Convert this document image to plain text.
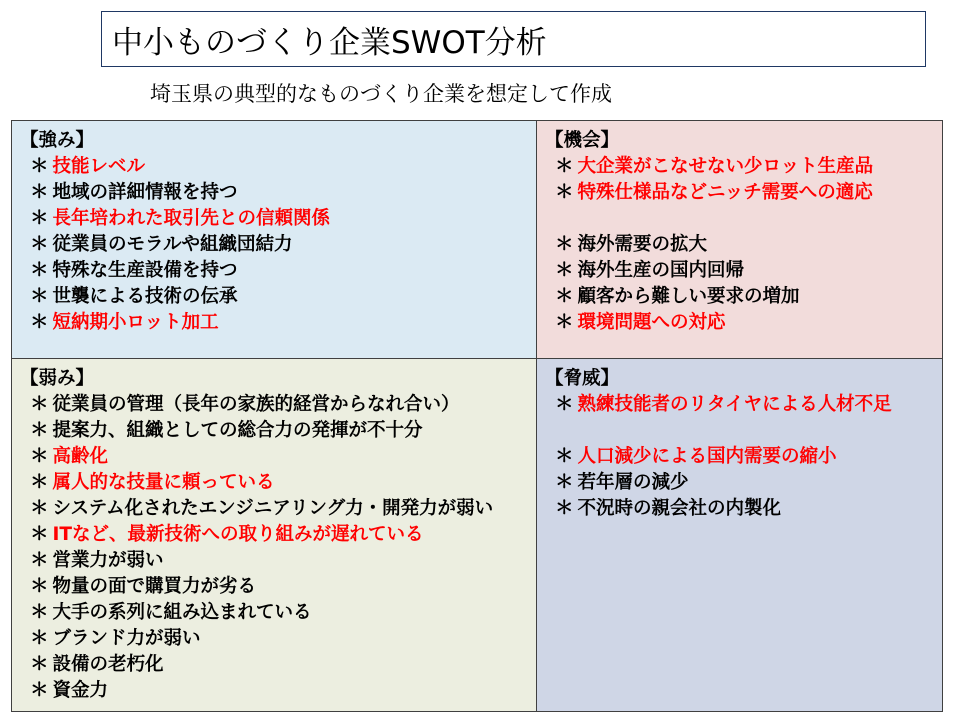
中小ものづくり企業SWOT分析
埼玉県の典型的なものづくり企業を想定して作成
【強み】
＊ 技能レベル
＊ 地域の詳細情報を持つ
＊ 長年培われた取引先との信頼関係
＊ 従業員のモラルや組織団結力
＊ 特殊な生産設備を持つ
＊ 世襲による技術の伝承
＊ 短納期小ロット加工
【機会】
＊ 大企業がこなせない少ロット生産品
＊ 特殊仕様品などニッチ需要への適応
＊ 海外需要の拡大
＊ 海外生産の国内回帰
＊ 顧客から難しい要求の増加
＊ 環境問題への対応
【弱み】
＊ 従業員の管理（長年の家族的経営からなれ合い）
＊ 提案力、組織としての総合力の発揮が不十分
＊ 高齢化
＊ 属人的な技量に頼っている
＊ システム化されたエンジニアリング力・開発力が弱い
＊ ITなど、最新技術への取り組みが遅れている
＊ 営業力が弱い
＊ 物量の面で購買力が劣る
＊ 大手の系列に組み込まれている
＊ ブランド力が弱い
＊ 設備の老朽化
＊ 資金力
【脅威】
＊ 熟練技能者のリタイヤによる人材不足
＊ 人口減少による国内需要の縮小
＊ 若年層の減少
＊ 不況時の親会社の内製化
